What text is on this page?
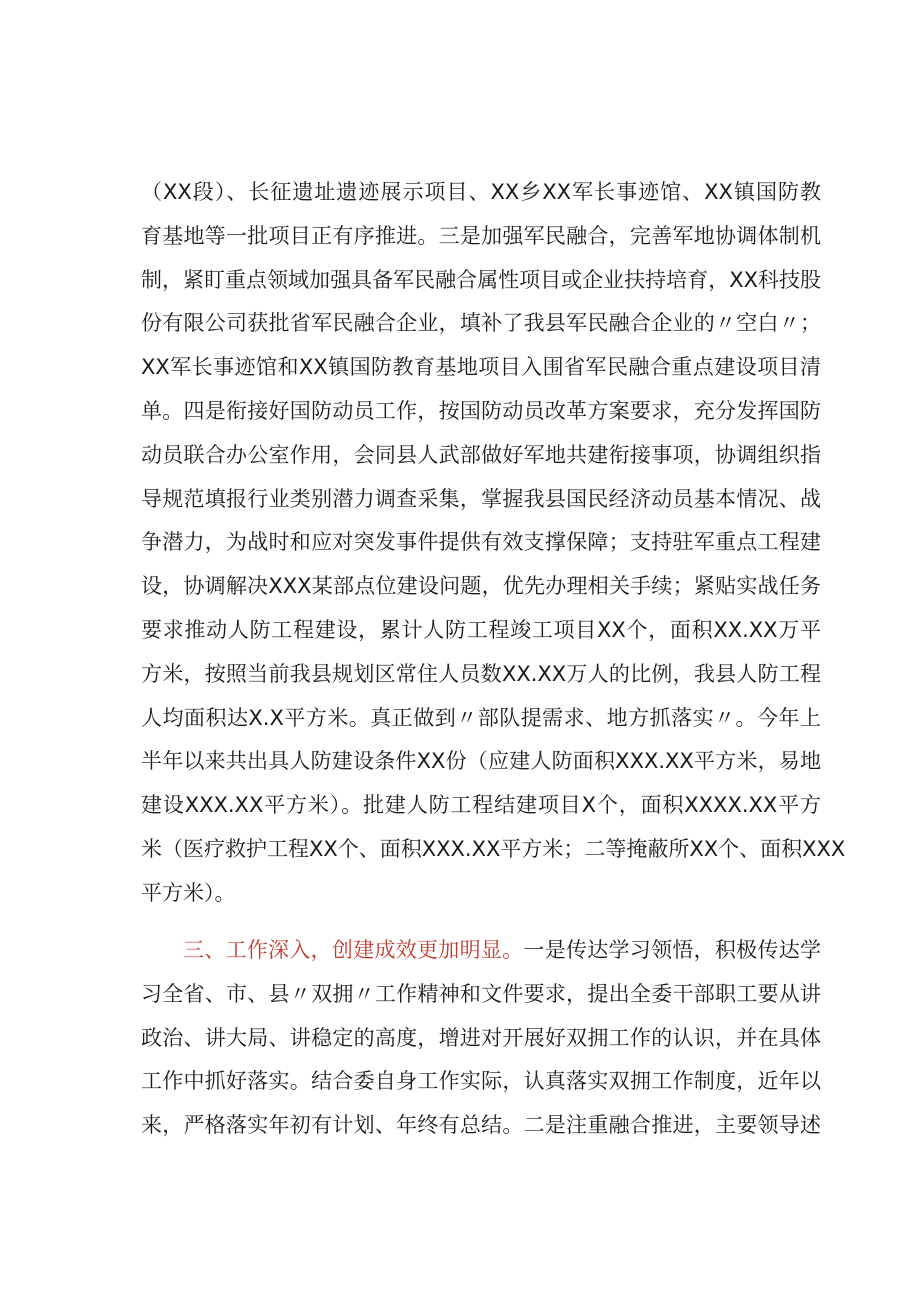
（XX段）、长征遗址遗迹展示项目、XX乡XX军长事迹馆、XX镇国防教
育基地等一批项目正有序推进。三是加强军民融合，完善军地协调体制机
制，紧盯重点领域加强具备军民融合属性项目或企业扶持培育，XX科技股
份有限公司获批省军民融合企业，填补了我县军民融合企业的〃空白〃；
XX军长事迹馆和XX镇国防教育基地项目入围省军民融合重点建设项目清
单。四是衔接好国防动员工作，按国防动员改革方案要求，充分发挥国防
动员联合办公室作用，会同县人武部做好军地共建衔接事项，协调组织指
导规范填报行业类别潜力调查采集，掌握我县国民经济动员基本情况、战
争潜力，为战时和应对突发事件提供有效支撑保障；支持驻军重点工程建
设，协调解决XXX某部点位建设问题，优先办理相关手续；紧贴实战任务
要求推动人防工程建设，累计人防工程竣工项目XX个，面积XX.XX万平
方米，按照当前我县规划区常住人员数XX.XX万人的比例，我县人防工程
人均面积达X.X平方米。真正做到〃部队提需求、地方抓落实〃。今年上
半年以来共出具人防建设条件XX份（应建人防面积XXX.XX平方米，易地
建设XXX.XX平方米）。批建人防工程结建项目X个，面积XXXX.XX平方
米（医疗救护工程XX个、面积XXX.XX平方米；二等掩蔽所XX个、面积XXX
平方米）。
三、工作深入，创建成效更加明显。一是传达学习领悟，积极传达学
习全省、市、县〃双拥〃工作精神和文件要求，提出全委干部职工要从讲
政治、讲大局、讲稳定的高度，增进对开展好双拥工作的认识，并在具体
工作中抓好落实。结合委自身工作实际，认真落实双拥工作制度，近年以
来，严格落实年初有计划、年终有总结。二是注重融合推进，主要领导述
